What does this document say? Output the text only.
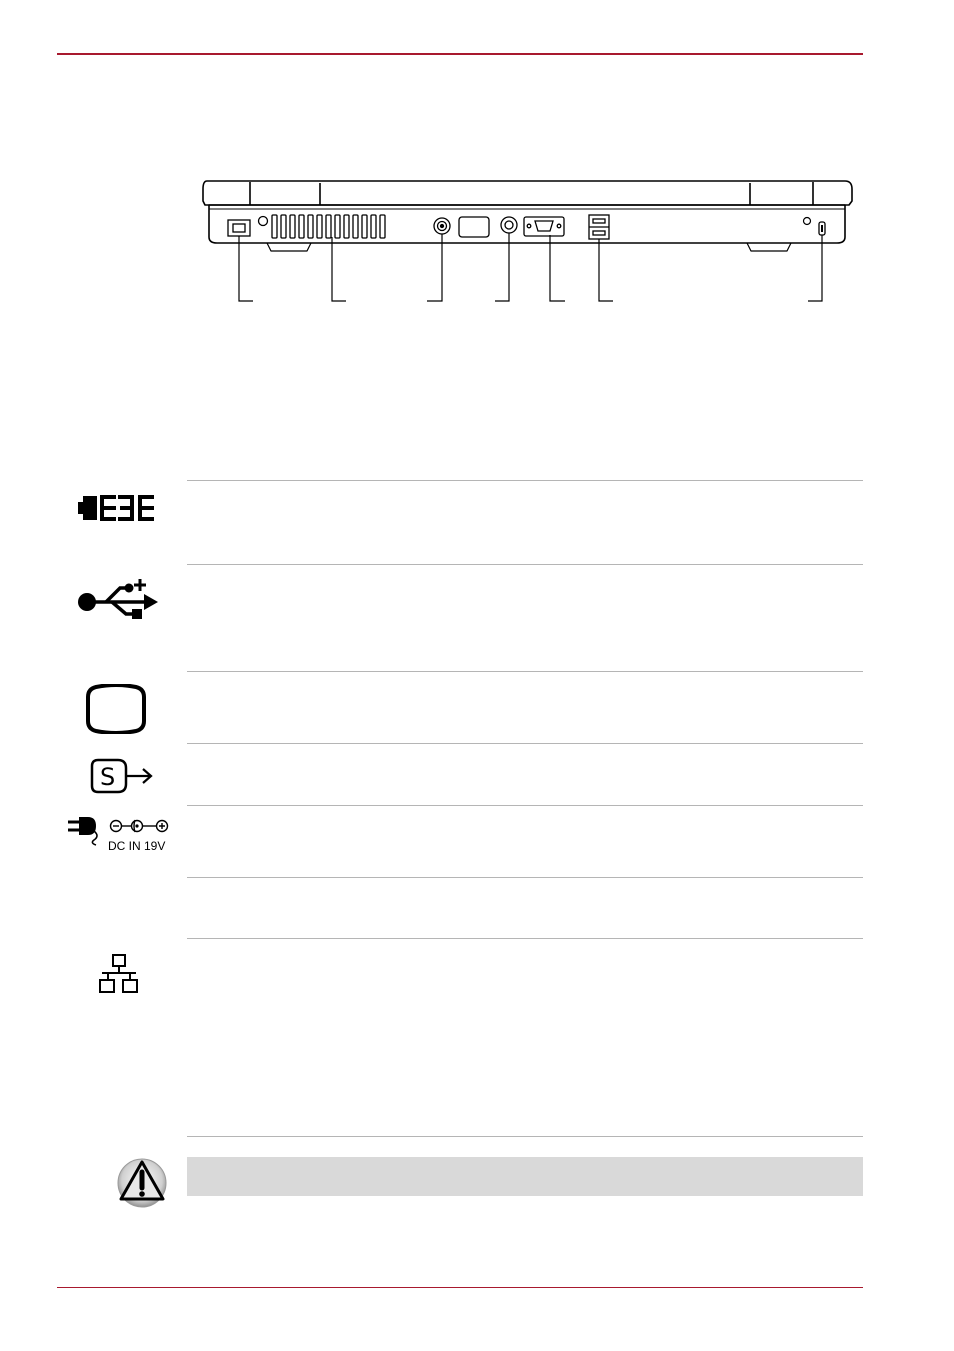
S
DC IN 19V
